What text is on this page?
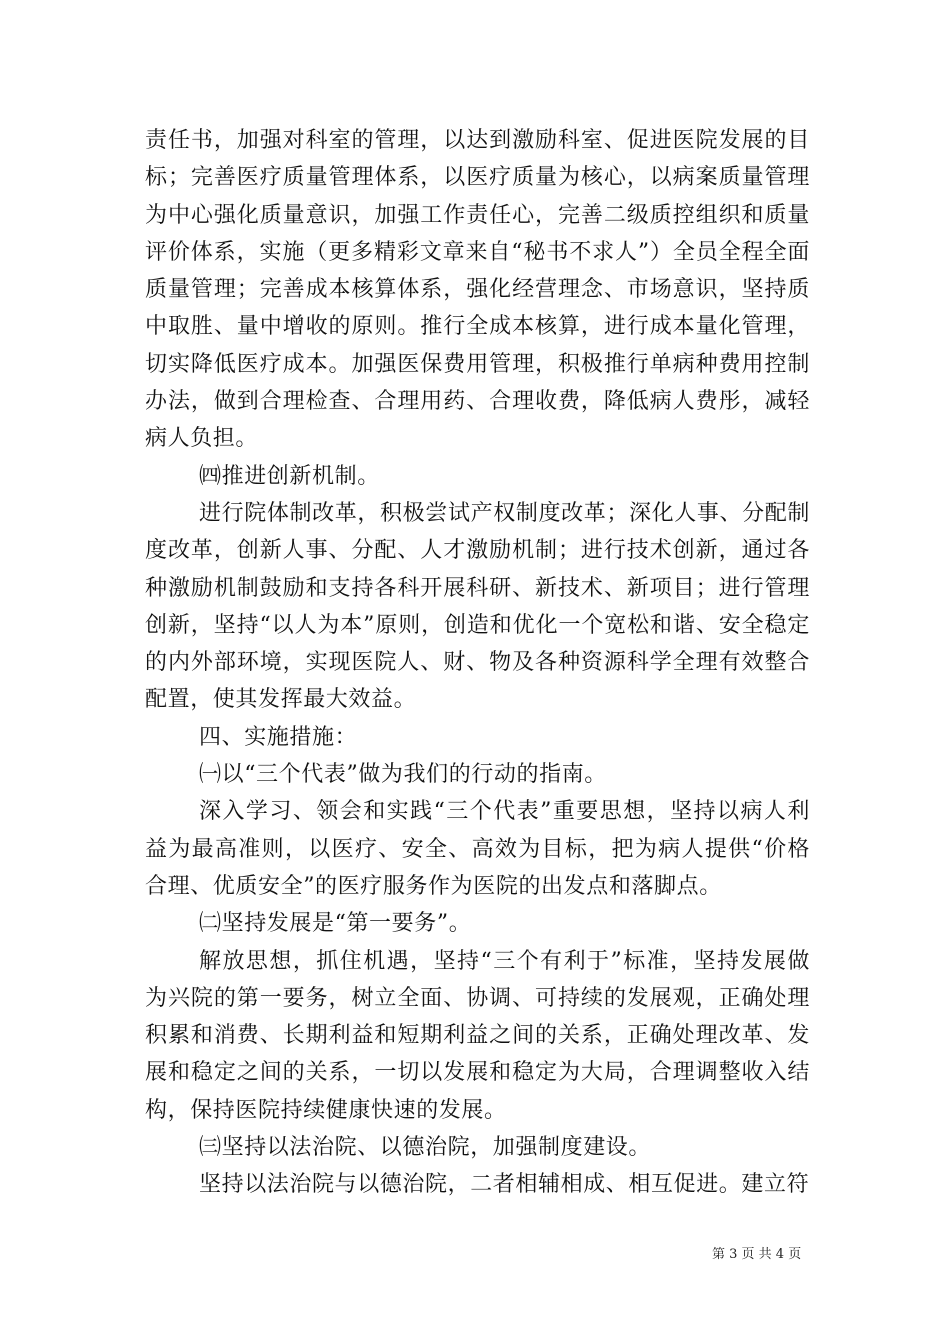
责任书，加强对科室的管理，以达到激励科室、促进医院发展的目标；完善医疗质量管理体系，以医疗质量为核心，以病案质量管理为中心强化质量意识，加强工作责任心，完善二级质控组织和质量评价体系，实施（更多精彩文章来自“秘书不求人”）全员全程全面质量管理；完善成本核算体系，强化经营理念、市场意识，坚持质中取胜、量中增收的原则。推行全成本核算，进行成本量化管理，切实降低医疗成本。加强医保费用管理，积极推行单病种费用控制办法，做到合理检查、合理用药、合理收费，降低病人费彤，减轻病人负担。

㈣推进创新机制。

进行院体制改革，积极尝试产权制度改革；深化人事、分配制度改革，创新人事、分配、人才激励机制；进行技术创新，通过各种激励机制鼓励和支持各科开展科研、新技术、新项目；进行管理创新，坚持“以人为本”原则，创造和优化一个宽松和谐、安全稳定的内外部环境，实现医院人、财、物及各种资源科学全理有效整合配置，使其发挥最大效益。

四、实施措施：

㈠以“三个代表”做为我们的行动的指南。

深入学习、领会和实践“三个代表”重要思想，坚持以病人利益为最高准则，以医疗、安全、高效为目标，把为病人提供“价格合理、优质安全”的医疗服务作为医院的出发点和落脚点。

㈡坚持发展是“第一要务”。

解放思想，抓住机遇，坚持“三个有利于”标准，坚持发展做为兴院的第一要务，树立全面、协调、可持续的发展观，正确处理积累和消费、长期利益和短期利益之间的关系，正确处理改革、发展和稳定之间的关系，一切以发展和稳定为大局，合理调整收入结构，保持医院持续健康快速的发展。

㈢坚持以法治院、以德治院，加强制度建设。

坚持以法治院与以德治院，二者相辅相成、相互促进。建立符

第 3 页 共 4 页
